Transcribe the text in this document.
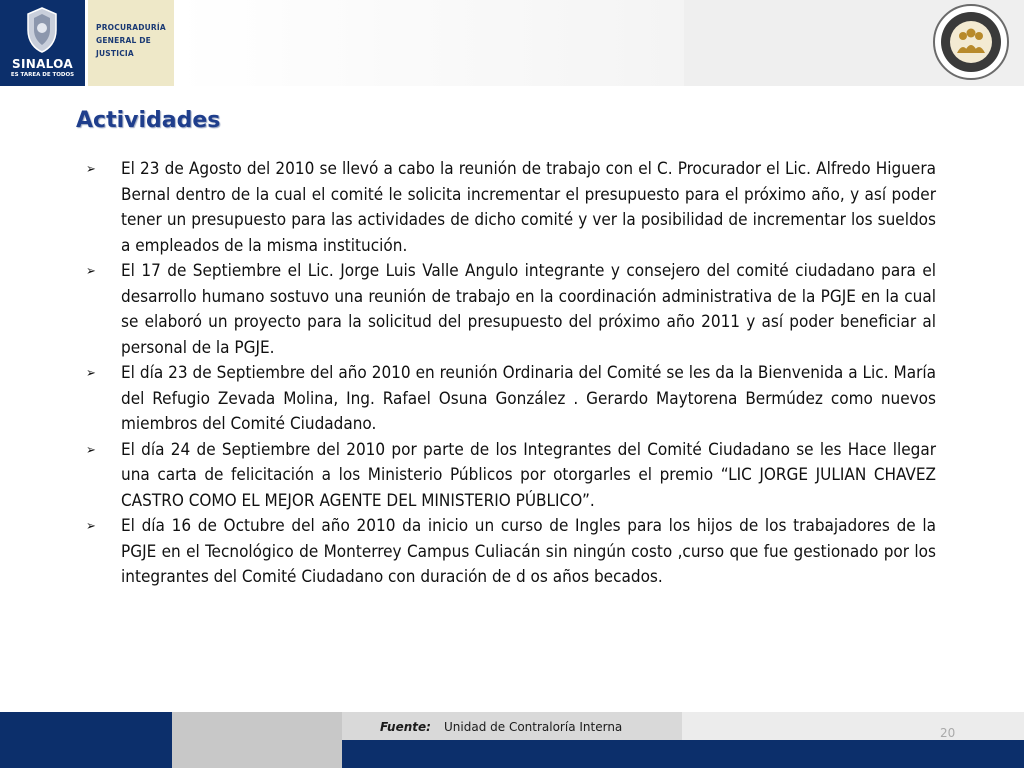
SINALOA
ES TAREA DE TODOS
PROCURADURÍA
GENERAL DE
JUSTICIA
Actividades
➢	El 23 de Agosto del 2010 se llevó a cabo la reunión de trabajo con el C. Procurador el Lic. Alfredo Higuera Bernal dentro de la cual el comité le solicita incrementar el presupuesto para el próximo año, y así poder tener un presupuesto para las actividades de dicho comité y ver la posibilidad de incrementar los sueldos a empleados de la misma institución.
➢	El 17 de Septiembre el Lic. Jorge Luis Valle Angulo integrante y consejero del comité ciudadano para el desarrollo humano sostuvo una reunión de trabajo en la coordinación administrativa de la PGJE en la cual se elaboró un proyecto para la solicitud del presupuesto del próximo año 2011 y así poder beneficiar al personal de la PGJE.
➢	El día 23 de Septiembre del año 2010 en reunión Ordinaria del Comité se les da la Bienvenida a Lic. María del Refugio Zevada Molina, Ing. Rafael Osuna González . Gerardo Maytorena Bermúdez como nuevos miembros del Comité Ciudadano.
➢	El día 24 de Septiembre del 2010 por parte de los Integrantes del Comité Ciudadano se les Hace llegar una carta de felicitación a los Ministerio Públicos por otorgarles el premio “LIC JORGE JULIAN CHAVEZ CASTRO COMO EL MEJOR AGENTE DEL MINISTERIO PÚBLICO”.
➢	El día 16 de Octubre del año 2010 da inicio un curso de Ingles para los hijos de los trabajadores de la PGJE en el Tecnológico de Monterrey Campus Culiacán sin ningún costo ,curso que fue gestionado por los integrantes del Comité Ciudadano con duración de d os años becados.
Fuente: Unidad de Contraloría Interna	20
